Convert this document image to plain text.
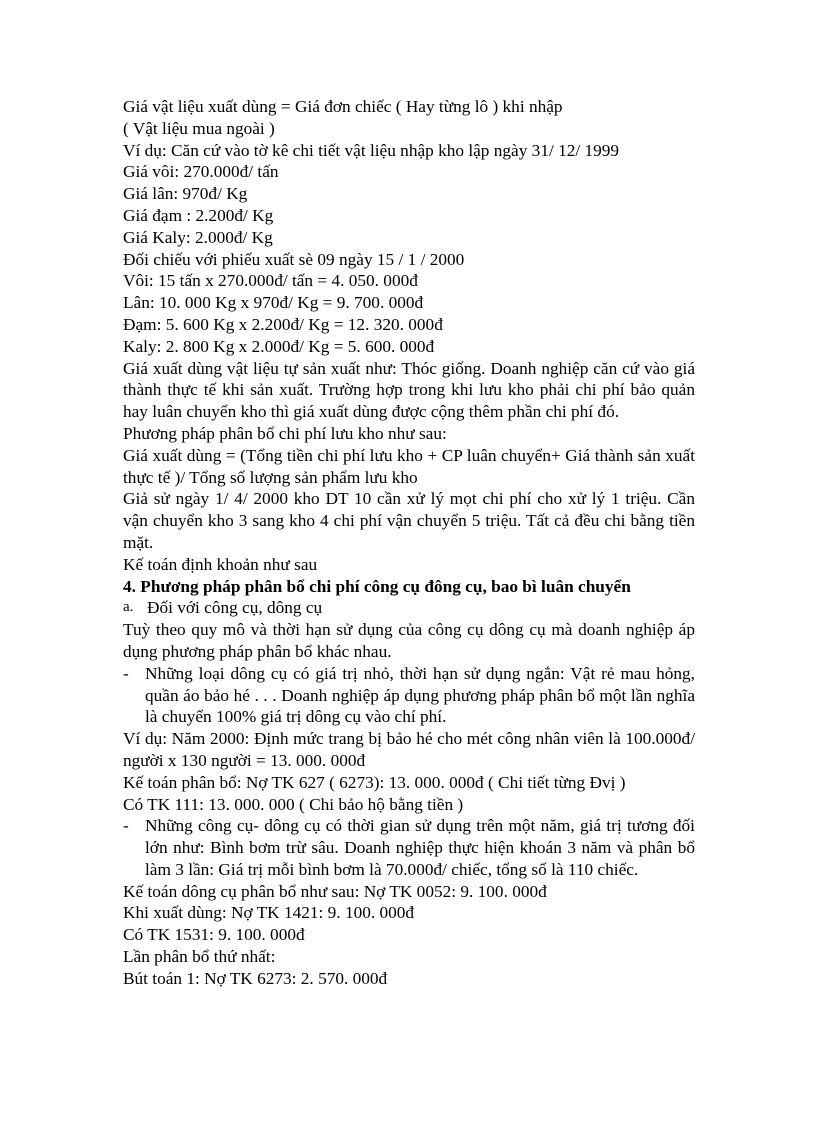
Giá vật liệu xuất dùng = Giá đơn chiếc ( Hay từng lô ) khi nhập
( Vật liệu mua ngoài )
Ví dụ: Căn cứ vào tờ kê chi tiết vật liệu nhập kho lập ngày 31/ 12/ 1999
Giá vôi: 270.000đ/ tấn
Giá lân: 970đ/ Kg
Giá đạm : 2.200đ/ Kg
Giá Kaly: 2.000đ/ Kg
Đối chiếu với phiếu xuất sè 09 ngày 15 / 1 / 2000
Vôi: 15 tấn x 270.000đ/ tấn = 4. 050. 000đ
Lân: 10. 000 Kg x 970đ/ Kg = 9. 700. 000đ
Đạm: 5. 600 Kg x 2.200đ/ Kg = 12. 320. 000đ
Kaly: 2. 800 Kg x 2.000đ/ Kg = 5. 600. 000đ
Giá xuất dùng vật liệu tự sản xuất như: Thóc giống. Doanh nghiệp căn cứ vào giá thành thực tế khi sản xuất. Trường hợp trong khi lưu kho phải chi phí bảo quản hay luân chuyển kho thì giá xuất dùng được cộng thêm phần chi phí đó.
Phương pháp phân bổ chi phí lưu kho như sau:
Giá xuất dùng = (Tổng tiền chi phí lưu kho + CP luân chuyển+ Giá thành sản xuất thực tế )/ Tổng số lượng sản phẩm lưu kho
Giả sử ngày 1/ 4/ 2000 kho DT 10 cần xử lý mọt chi phí cho xử lý 1 triệu. Cần vận chuyển kho 3 sang kho 4 chi phí vận chuyển 5 triệu. Tất cả đều chi bằng tiền mặt.
Kế toán định khoản như sau
4. Phương pháp phân bổ chi phí công cụ đông cụ, bao bì luân chuyển
a. Đối với công cụ, dông cụ
Tuỳ theo quy mô và thời hạn sử dụng của công cụ dông cụ mà doanh nghiệp áp dụng phương pháp phân bổ khác nhau.
- Những loại dông cụ có giá trị nhỏ, thời hạn sử dụng ngắn: Vật rẻ mau hỏng, quần áo bảo hé . . . Doanh nghiệp áp dụng phương pháp phân bổ một lần nghĩa là chuyển 100% giá trị dông cụ vào chí phí.
Ví dụ: Năm 2000: Định mức trang bị bảo hé cho mét công nhân viên là 100.000đ/ người x 130 người = 13. 000. 000đ
Kế toán phân bổ: Nợ TK 627 ( 6273): 13. 000. 000đ ( Chi tiết từng Đvị )
Có TK 111: 13. 000. 000 ( Chi bảo hộ bằng tiền )
- Những công cụ- dông cụ có thời gian sử dụng trên một năm, giá trị tương đối lớn như: Bình bơm trừ sâu. Doanh nghiệp thực hiện khoán 3 năm và phân bổ làm 3 lần: Giá trị mỗi bình bơm là 70.000đ/ chiếc, tổng số là 110 chiếc.
Kế toán dông cụ phân bổ như sau: Nợ TK 0052: 9. 100. 000đ
Khi xuất dùng: Nợ TK 1421: 9. 100. 000đ
Có TK 1531: 9. 100. 000đ
Lần phân bổ thứ nhất:
Bút toán 1: Nợ TK 6273: 2. 570. 000đ
